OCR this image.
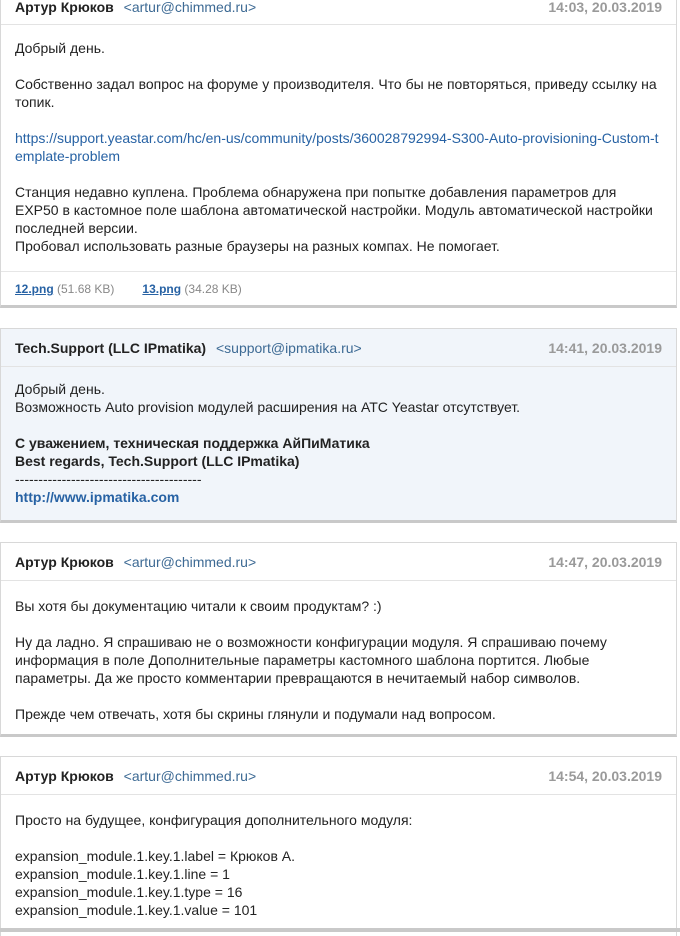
Артур Крюков <artur@chimmed.ru>	14:03, 20.03.2019

Добрый день.

Собственно задал вопрос на форуме у производителя. Что бы не повторяться, приведу ссылку на топик.

https://support.yeastar.com/hc/en-us/community/posts/360028792994-S300-Auto-provisioning-Custom-template-problem

Станция недавно куплена. Проблема обнаружена при попытке добавления параметров для EXP50 в кастомное поле шаблона автоматической настройки. Модуль автоматической настройки последней версии.

Пробовал использовать разные браузеры на разных компах. Не помогает.

12.png (51.68 KB) 13.png (34.28 KB)
Tech.Support (LLC IPmatika) <support@ipmatika.ru>	14:41, 20.03.2019

Добрый день.

Возможность Auto provision модулей расширения на АТС Yeastar отсутствует.

С уважением, техническая поддержка АйПиМатика

Best regards, Tech.Support (LLC IPmatika)

----------------------------------------

http://www.ipmatika.com

Артур Крюков <artur@chimmed.ru>	14:47, 20.03.2019

Вы хотя бы документацию читали к своим продуктам? :)

Ну да ладно. Я спрашиваю не о возможности конфигурации модуля. Я спрашиваю почему информация в поле Дополнительные параметры кастомного шаблона портится. Любые параметры. Да же просто комментарии превращаются в нечитаемый набор символов.

Прежде чем отвечать, хотя бы скрины глянули и подумали над вопросом.

Артур Крюков <artur@chimmed.ru>	14:54, 20.03.2019

Просто на будущее, конфигурация дополнительного модуля:

expansion_module.1.key.1.label = Крюков А.

expansion_module.1.key.1.line = 1

expansion_module.1.key.1.type = 16

expansion_module.1.key.1.value = 101
